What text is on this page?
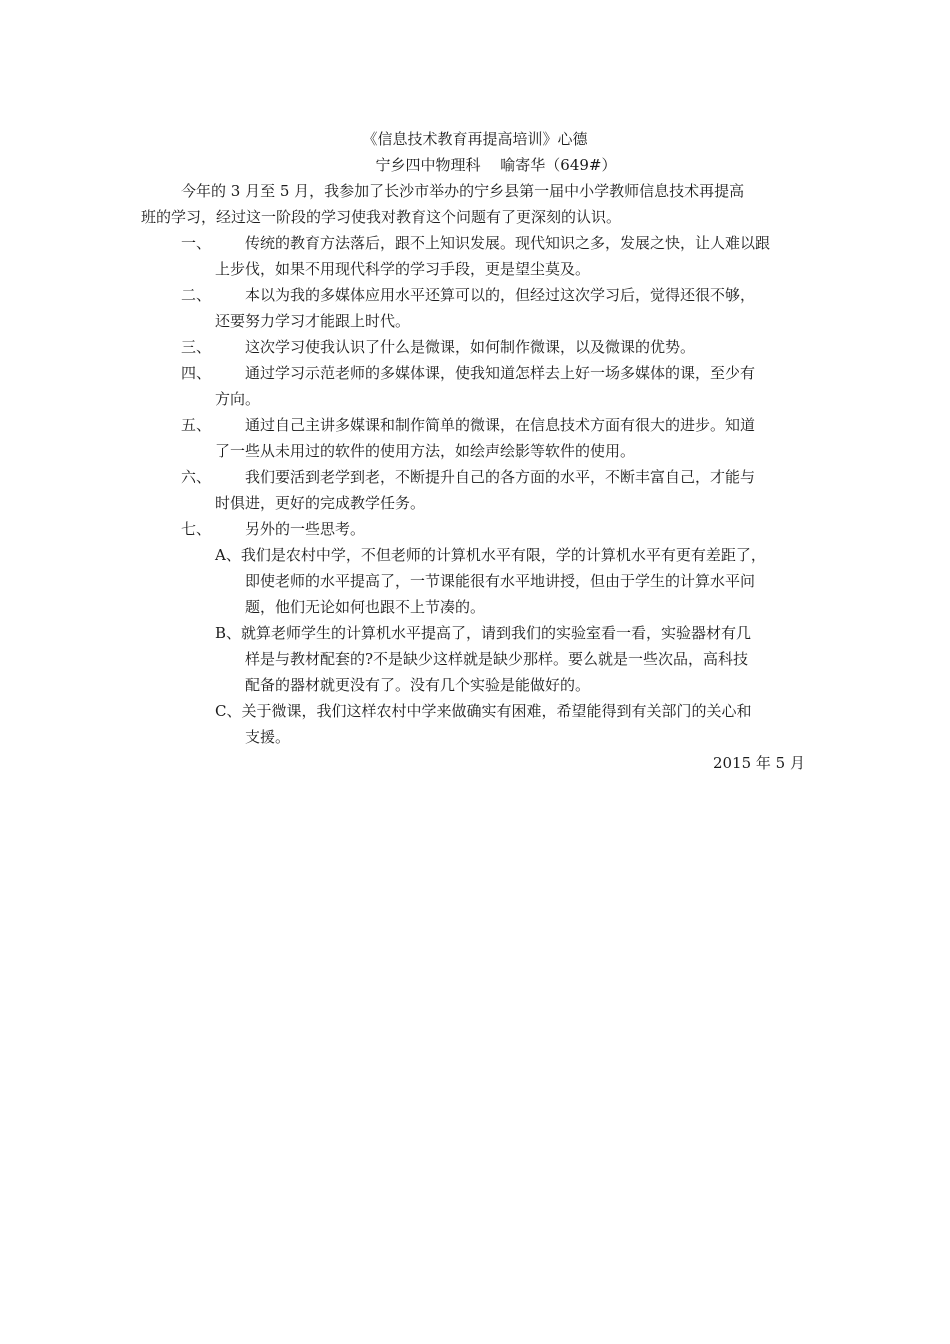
《信息技术教育再提高培训》心德
宁乡四中物理科　 喻寄华（649#）
今年的 3 月至 5 月，我参加了长沙市举办的宁乡县第一届中小学教师信息技术再提高
班的学习，经过这一阶段的学习使我对教育这个问题有了更深刻的认识。
一、 传统的教育方法落后，跟不上知识发展。现代知识之多，发展之快，让人难以跟
上步伐，如果不用现代科学的学习手段，更是望尘莫及。
二、 本以为我的多媒体应用水平还算可以的，但经过这次学习后，觉得还很不够，
还要努力学习才能跟上时代。
三、 这次学习使我认识了什么是微课，如何制作微课，以及微课的优势。
四、 通过学习示范老师的多媒体课，使我知道怎样去上好一场多媒体的课，至少有
方向。
五、 通过自己主讲多媒课和制作简单的微课，在信息技术方面有很大的进步。知道
了一些从未用过的软件的使用方法，如绘声绘影等软件的使用。
六、 我们要活到老学到老，不断提升自己的各方面的水平，不断丰富自己，才能与
时俱进，更好的完成教学任务。
七、 另外的一些思考。
A、我们是农村中学，不但老师的计算机水平有限，学的计算机水平有更有差距了，
即使老师的水平提高了，一节课能很有水平地讲授，但由于学生的计算水平问
题，他们无论如何也跟不上节凑的。
B、就算老师学生的计算机水平提高了，请到我们的实验室看一看，实验器材有几
样是与教材配套的?不是缺少这样就是缺少那样。要么就是一些次品，高科技
配备的器材就更没有了。没有几个实验是能做好的。
C、关于微课，我们这样农村中学来做确实有困难，希望能得到有关部门的关心和
支援。
2015 年 5 月
